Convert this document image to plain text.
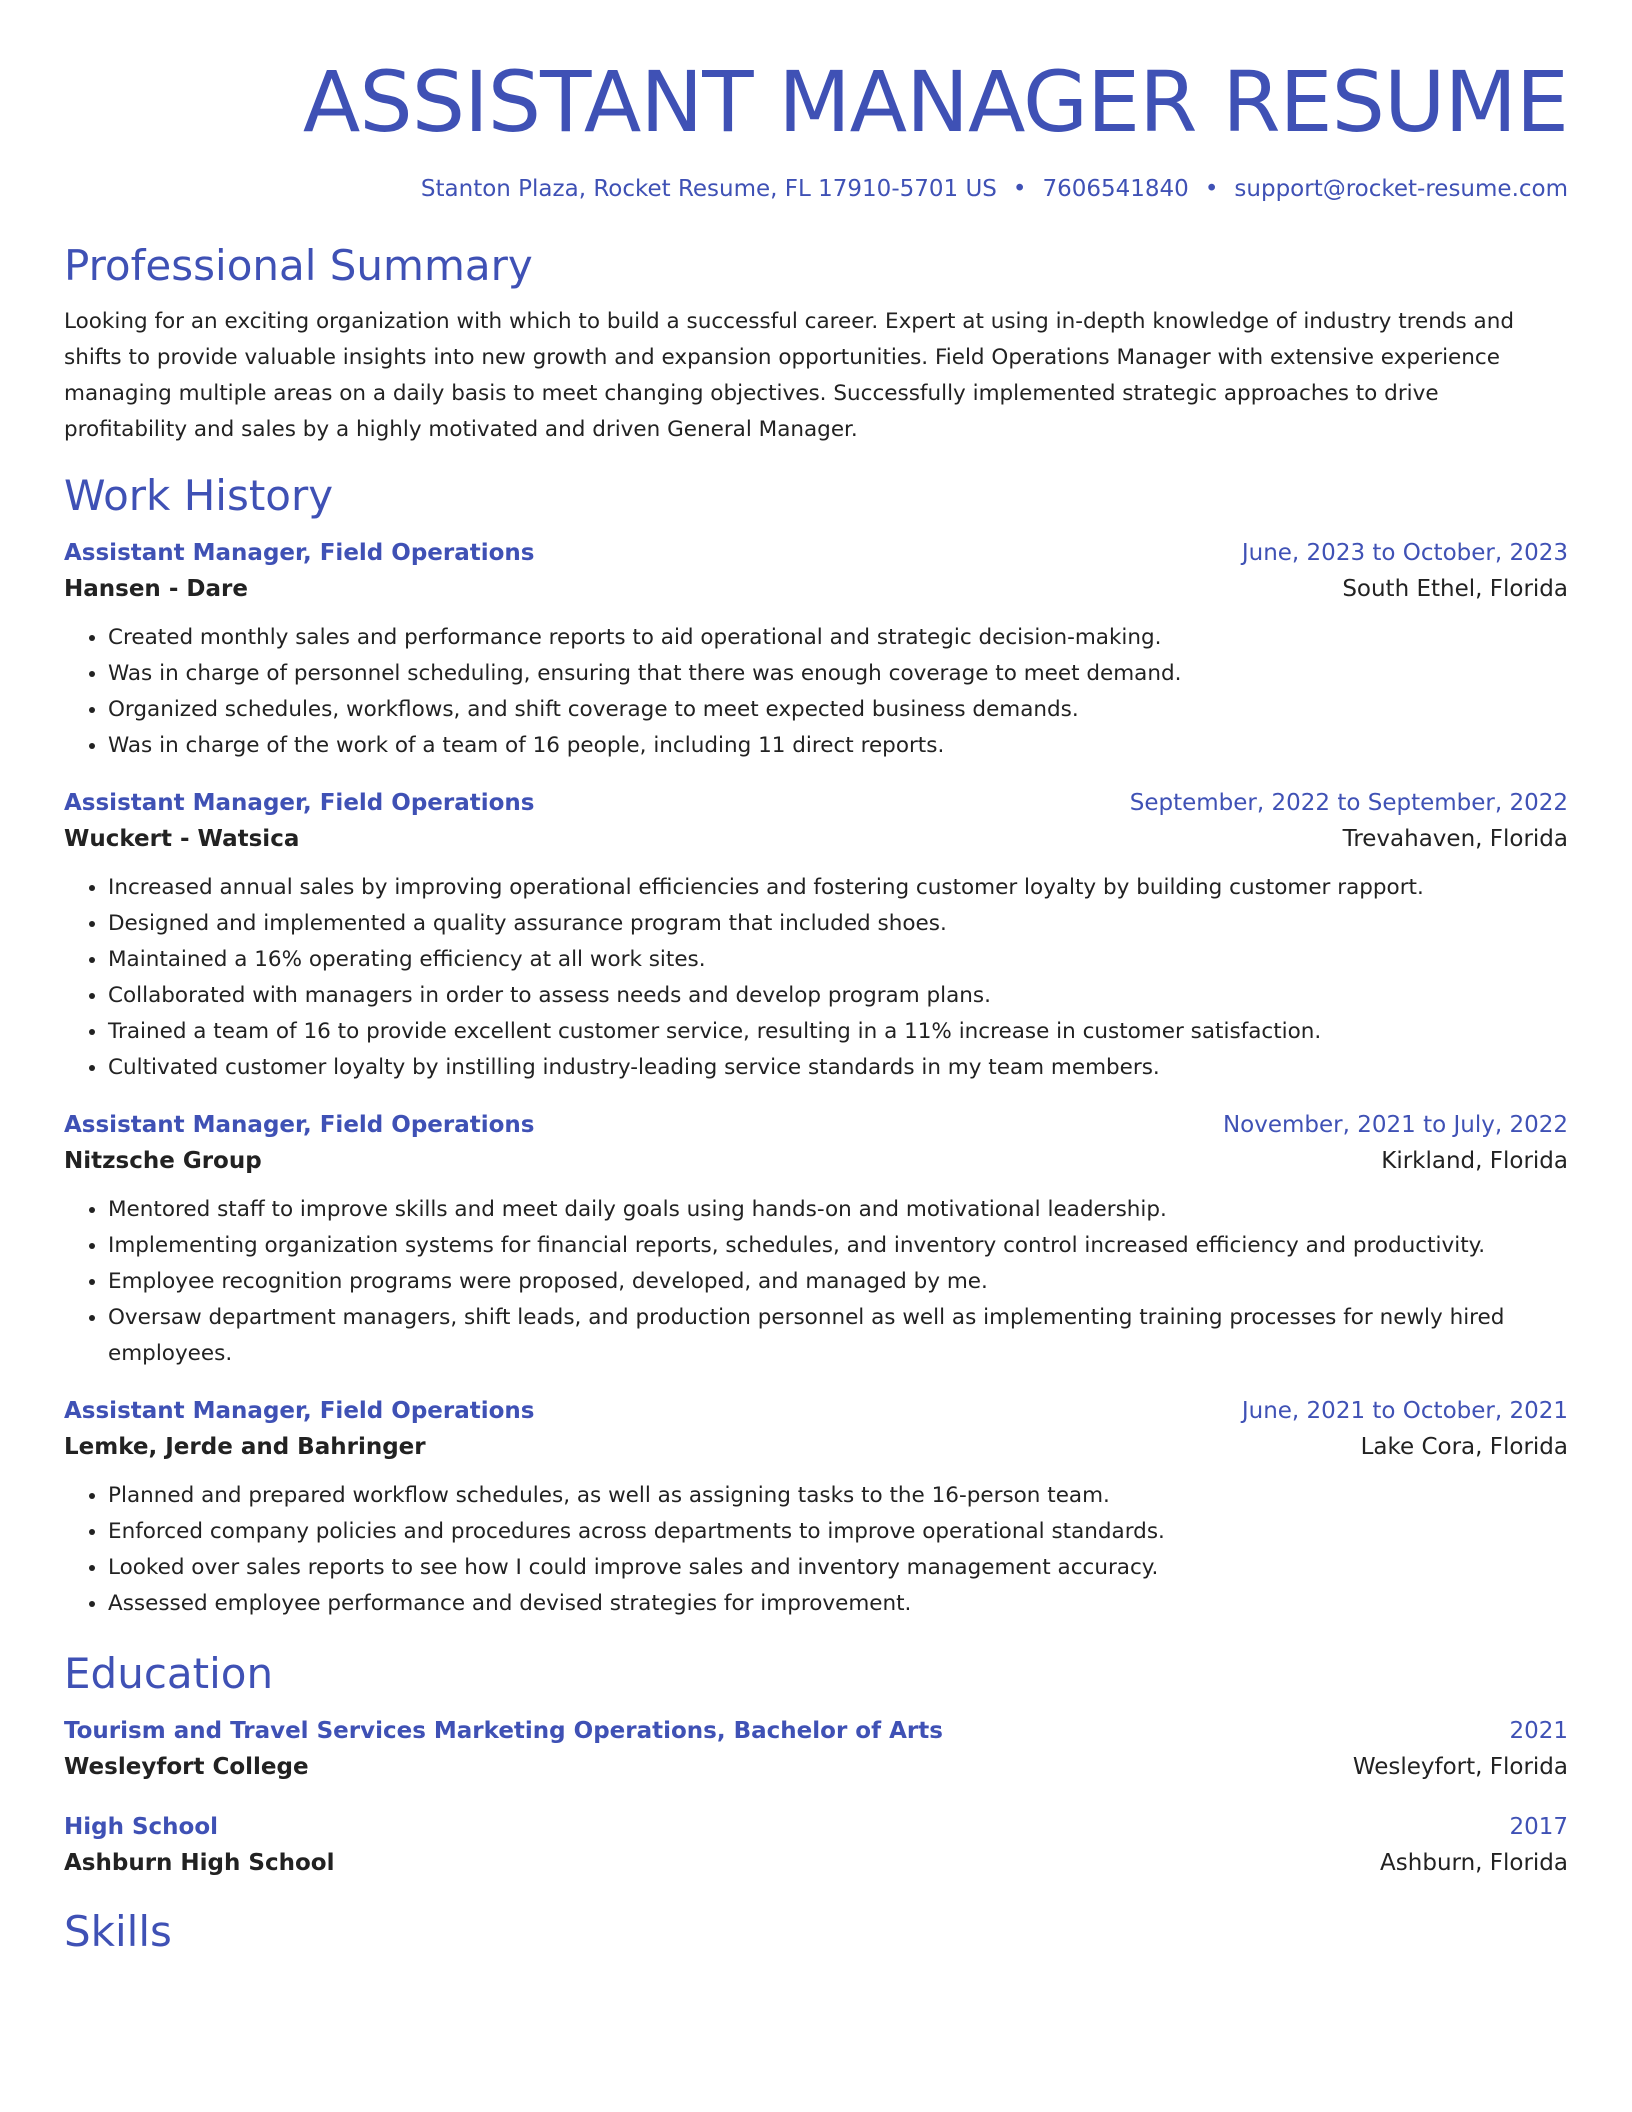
ASSISTANT MANAGER RESUME
Stanton Plaza, Rocket Resume, FL 17910-5701 US • 7606541840 • support@rocket-resume.com
Professional Summary

Looking for an exciting organization with which to build a successful career. Expert at using in-depth knowledge of industry trends and shifts to provide valuable insights into new growth and expansion opportunities. Field Operations Manager with extensive experience managing multiple areas on a daily basis to meet changing objectives. Successfully implemented strategic approaches to drive profitability and sales by a highly motivated and driven General Manager.

Work History
Assistant Manager, Field Operations	June, 2023 to October, 2023
Hansen - Dare	South Ethel, Florida
• Created monthly sales and performance reports to aid operational and strategic decision-making.
• Was in charge of personnel scheduling, ensuring that there was enough coverage to meet demand.
• Organized schedules, workflows, and shift coverage to meet expected business demands.
• Was in charge of the work of a team of 16 people, including 11 direct reports.
Assistant Manager, Field Operations	September, 2022 to September, 2022
Wuckert - Watsica	Trevahaven, Florida
• Increased annual sales by improving operational efficiencies and fostering customer loyalty by building customer rapport.
• Designed and implemented a quality assurance program that included shoes.
• Maintained a 16% operating efficiency at all work sites.
• Collaborated with managers in order to assess needs and develop program plans.
• Trained a team of 16 to provide excellent customer service, resulting in a 11% increase in customer satisfaction.
• Cultivated customer loyalty by instilling industry-leading service standards in my team members.
Assistant Manager, Field Operations	November, 2021 to July, 2022
Nitzsche Group	Kirkland, Florida
• Mentored staff to improve skills and meet daily goals using hands-on and motivational leadership.
• Implementing organization systems for financial reports, schedules, and inventory control increased efficiency and productivity.
• Employee recognition programs were proposed, developed, and managed by me.
• Oversaw department managers, shift leads, and production personnel as well as implementing training processes for newly hired employees.
Assistant Manager, Field Operations	June, 2021 to October, 2021
Lemke, Jerde and Bahringer	Lake Cora, Florida
• Planned and prepared workflow schedules, as well as assigning tasks to the 16-person team.
• Enforced company policies and procedures across departments to improve operational standards.
• Looked over sales reports to see how I could improve sales and inventory management accuracy.
• Assessed employee performance and devised strategies for improvement.
Education
Tourism and Travel Services Marketing Operations, Bachelor of Arts	2021
Wesleyfort College	Wesleyfort, Florida
High School	2017
Ashburn High School	Ashburn, Florida
Skills
